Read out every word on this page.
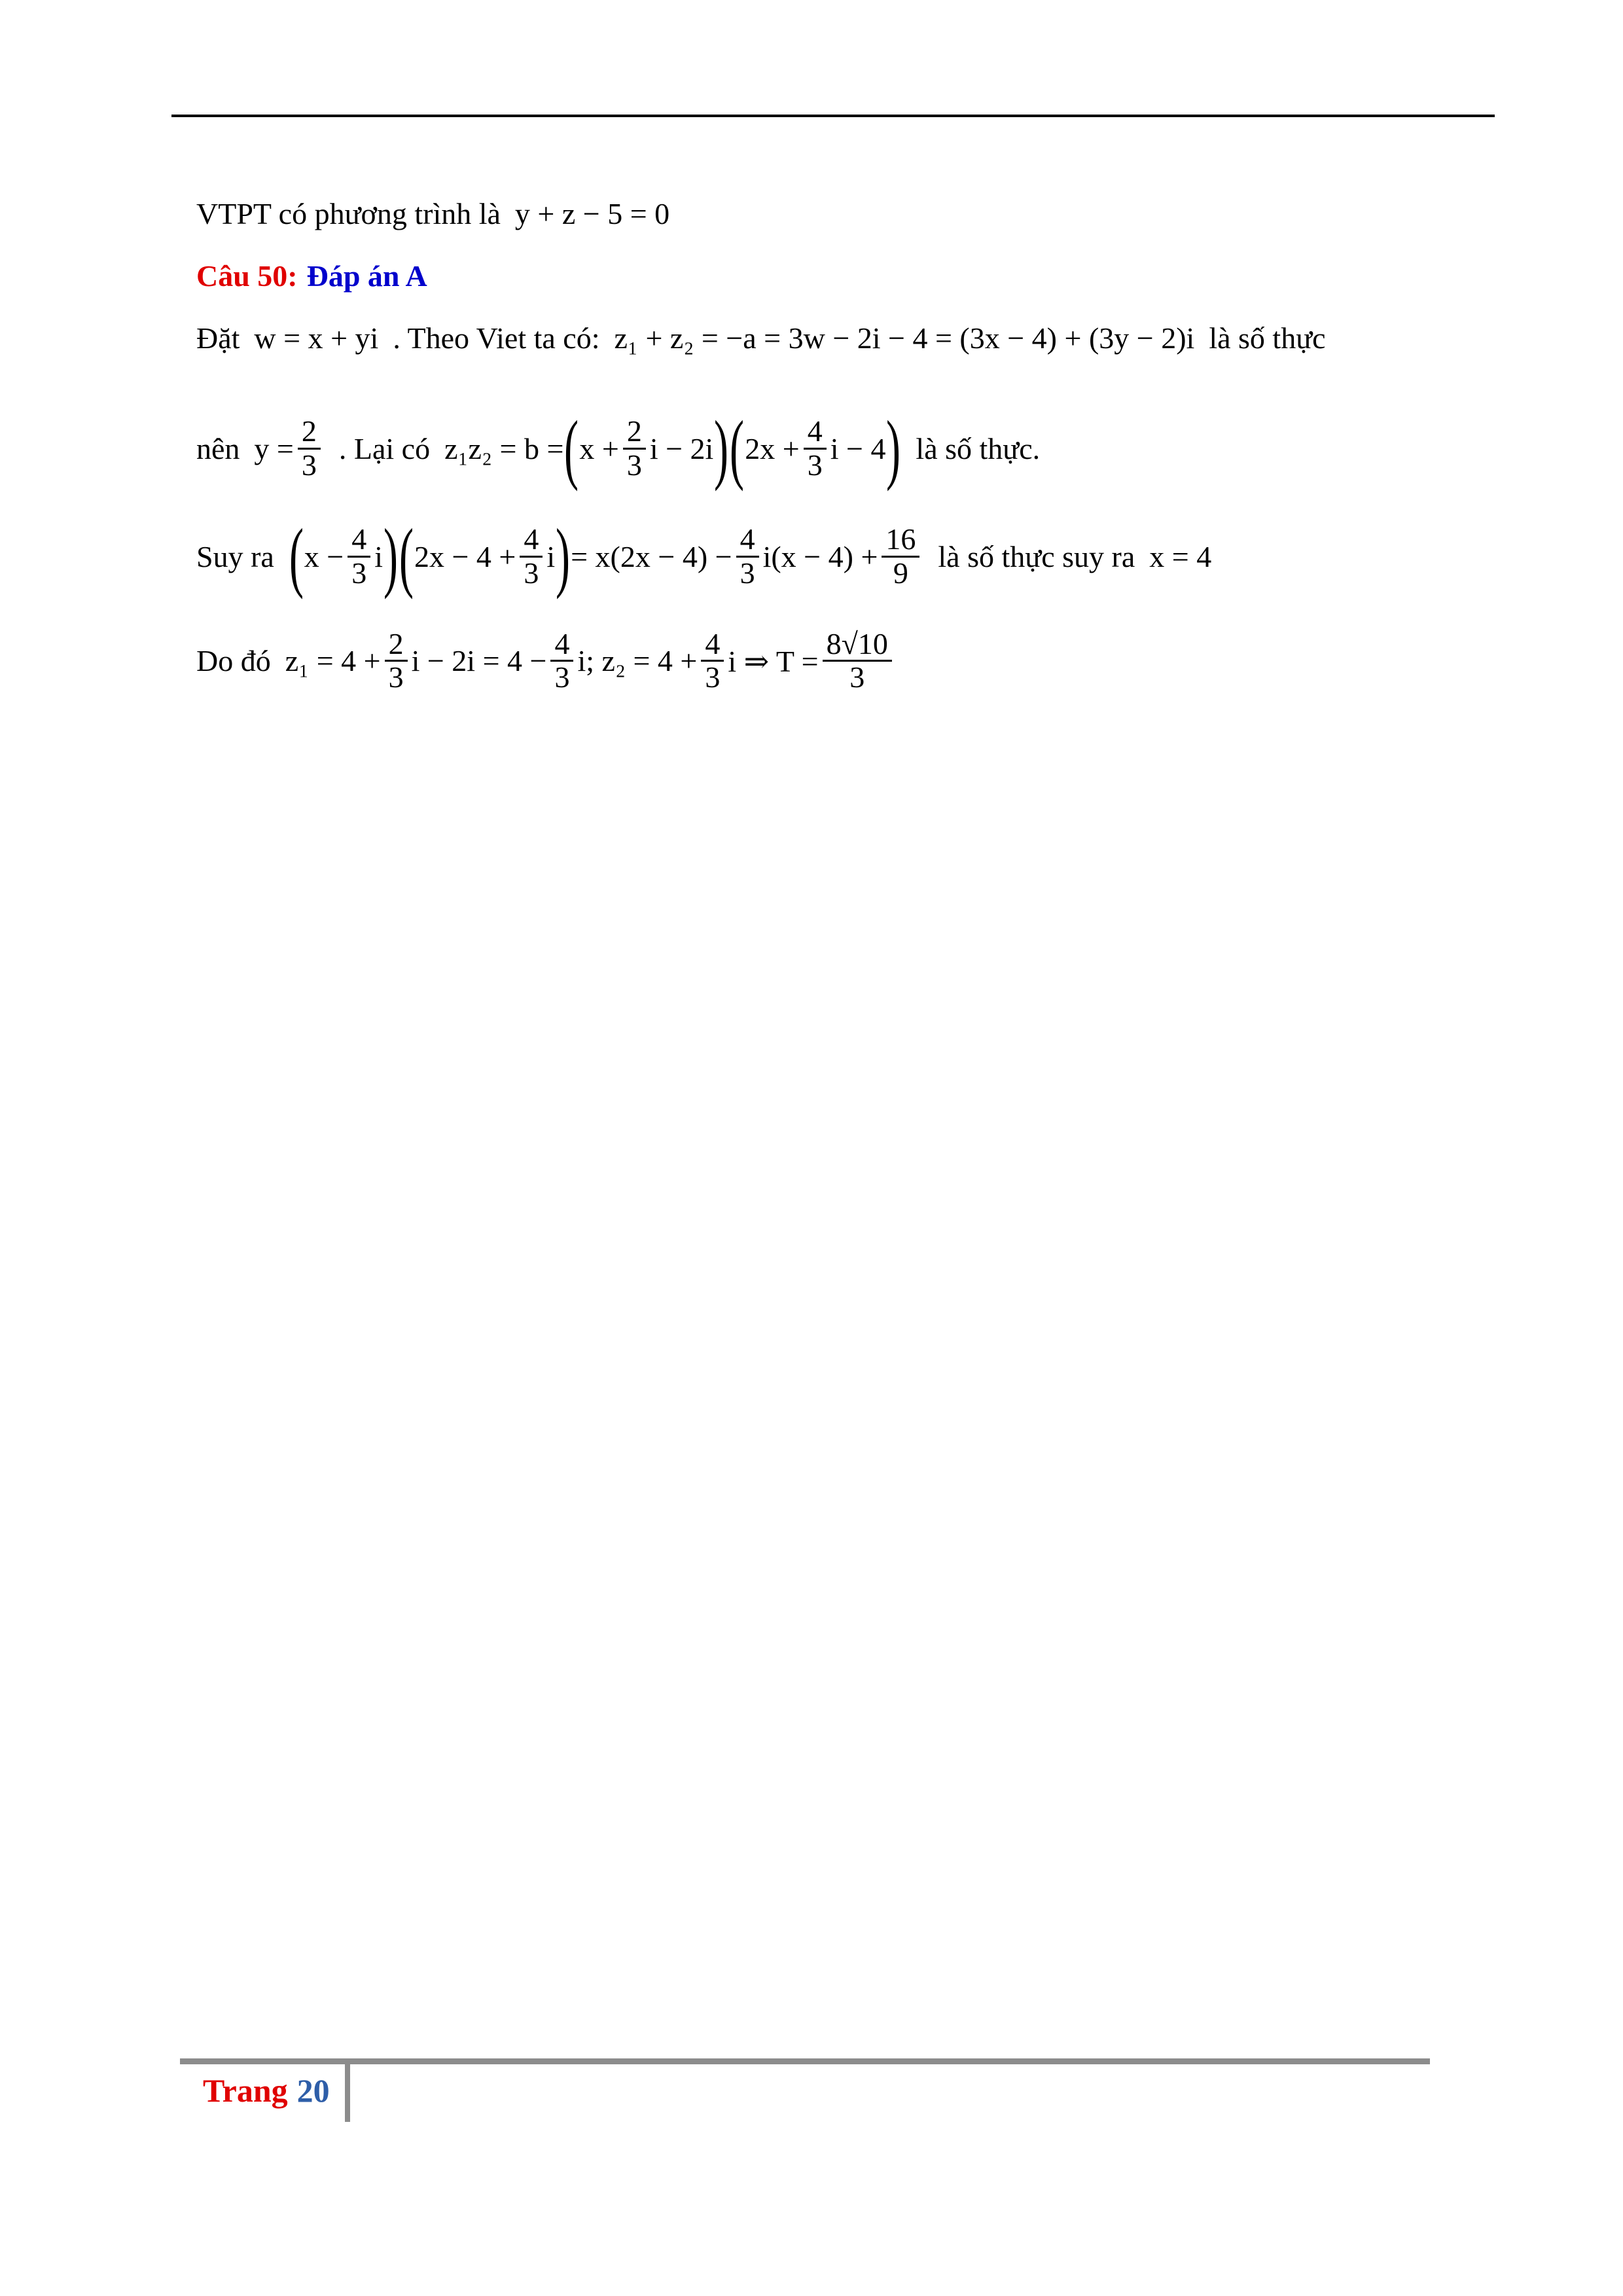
VTPT có phương trình là y + z − 5 = 0
Câu 50: Đáp án A
Đặt w = x + yi . Theo Viet ta có: z₁ + z₂ = −a = 3w − 2i − 4 = (3x − 4) + (3y − 2)i là số thực
nên $y = \frac{2}{3}$ . Lại có z₁z₂ = b = ( $x + \frac{2}{3}$ i − 2i ) ( $2x + \frac{4}{3}$ i − 4 ) là số thực.
Suy ra ( $x - \frac{4}{3}$ i ) ( $2x - 4 + \frac{4}{3}$ i ) = $x(2x - 4) - \frac{4}{3} i(x - 4) + \frac{16}{9}$ là số thực suy ra x = 4
Do đó $z_1 = 4 + \frac{2}{3}$ $i - 2i = 4 - \frac{4}{3} i$; $z_2 = 4 + \frac{4}{3}$ i ⇒ $T = \frac{8√10}{3}$
Trang 20
